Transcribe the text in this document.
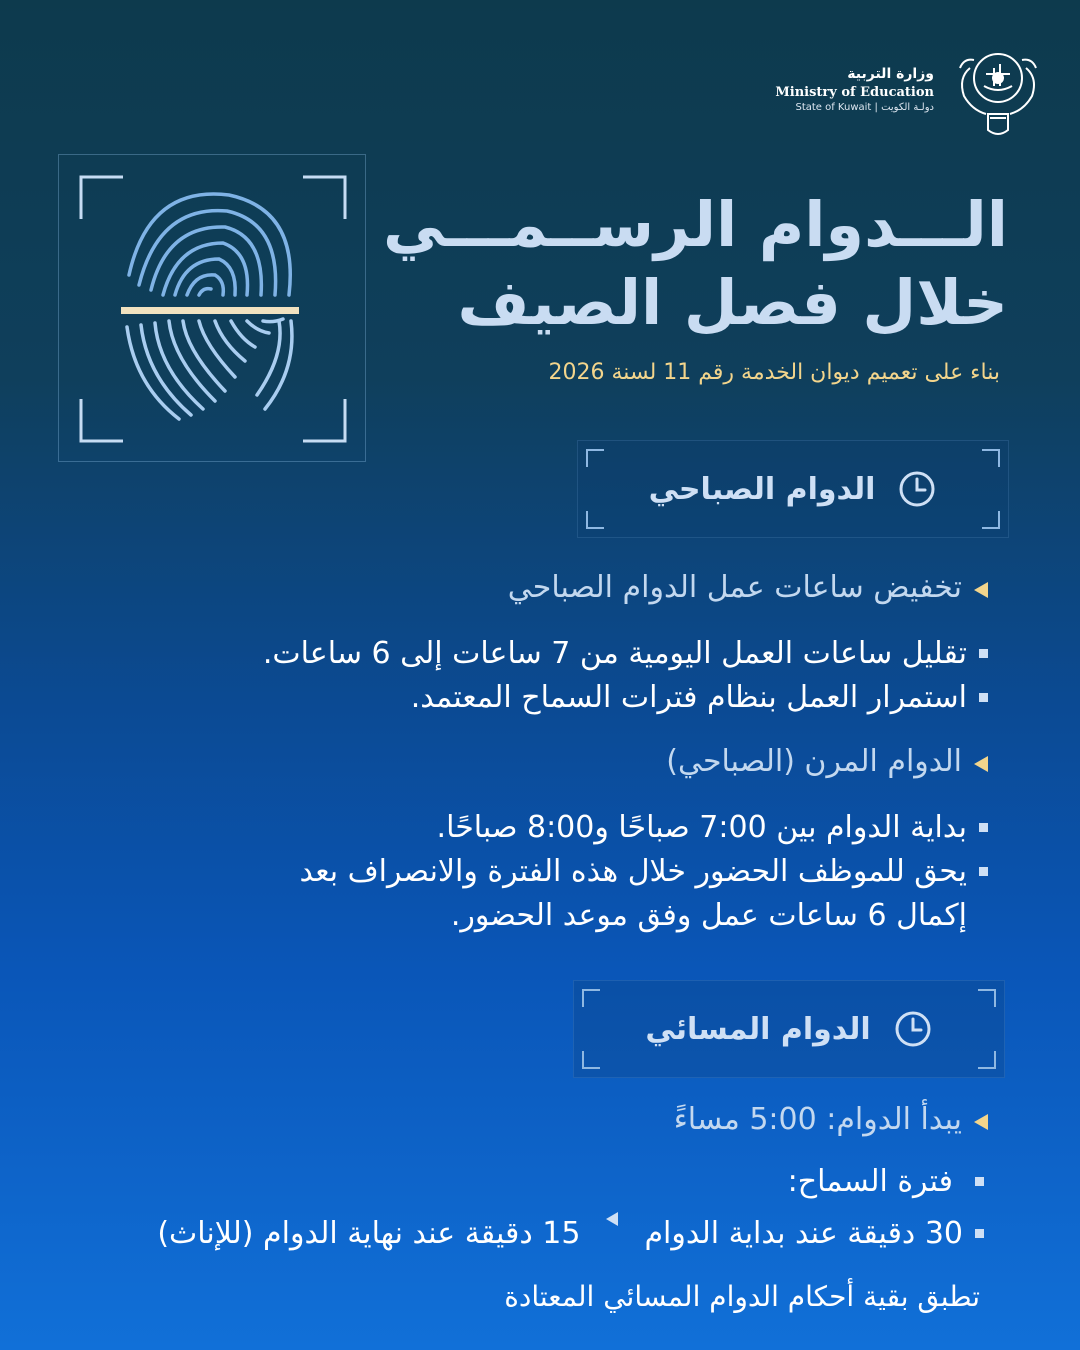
وزارة التربية
Ministry of Education
State of Kuwait | دولـة الكويت
الـــدوام الرســمـــي
خلال فصل الصيف
بناء على تعميم ديوان الخدمة رقم 11 لسنة 2026
الدوام الصباحي
تخفيض ساعات عمل الدوام الصباحي
تقليل ساعات العمل اليومية من 7 ساعات إلى 6 ساعات.
استمرار العمل بنظام فترات السماح المعتمد.
الدوام المرن (الصباحي)
بداية الدوام بين 7:00 صباحًا و8:00 صباحًا.
يحق للموظف الحضور خلال هذه الفترة والانصراف بعد
إكمال 6 ساعات عمل وفق موعد الحضور.
الدوام المسائي
يبدأ الدوام: 5:00 مساءً
فترة السماح:
30 دقيقة عند بداية الدوام
15 دقيقة عند نهاية الدوام (للإناث)
تطبق بقية أحكام الدوام المسائي المعتادة
